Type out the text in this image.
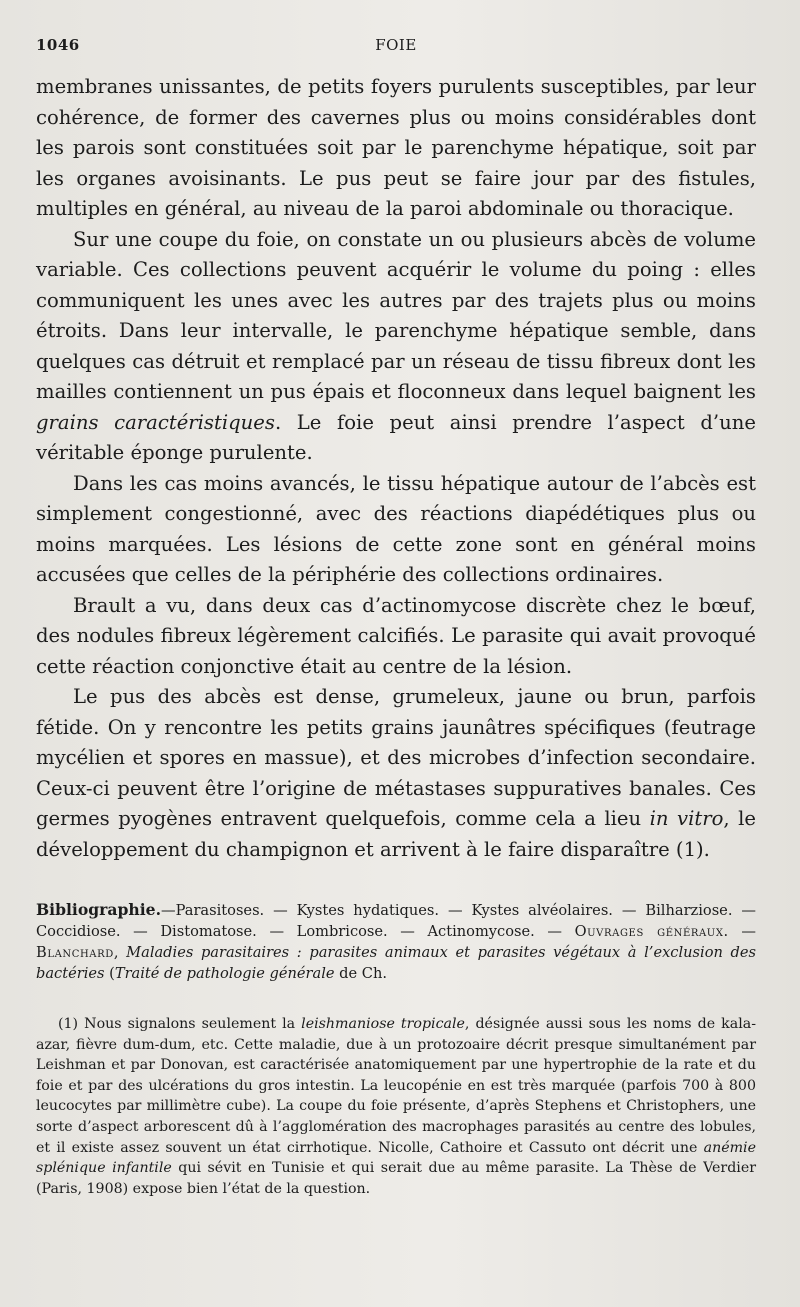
1046	FOIE

membranes unissantes, de petits foyers purulents susceptibles, par leur cohérence, de former des cavernes plus ou moins considérables dont les parois sont constituées soit par le parenchyme hépatique, soit par les organes avoisinants. Le pus peut se faire jour par des fistules, multiples en général, au niveau de la paroi abdominale ou thoracique.

Sur une coupe du foie, on constate un ou plusieurs abcès de volume variable. Ces collections peuvent acquérir le volume du poing : elles communiquent les unes avec les autres par des trajets plus ou moins étroits. Dans leur intervalle, le parenchyme hépatique semble, dans quelques cas détruit et remplacé par un réseau de tissu fibreux dont les mailles contiennent un pus épais et floconneux dans lequel baignent les grains caractéristiques. Le foie peut ainsi prendre l’aspect d’une véritable éponge purulente.

Dans les cas moins avancés, le tissu hépatique autour de l’abcès est simplement congestionné, avec des réactions diapédétiques plus ou moins marquées. Les lésions de cette zone sont en général moins accusées que celles de la périphérie des collections ordinaires.

Brault a vu, dans deux cas d’actinomycose discrète chez le bœuf, des nodules fibreux légèrement calcifiés. Le parasite qui avait provoqué cette réaction conjonctive était au centre de la lésion.

Le pus des abcès est dense, grumeleux, jaune ou brun, parfois fétide. On y rencontre les petits grains jaunâtres spécifiques (feutrage mycélien et spores en massue), et des microbes d’infection secondaire. Ceux-ci peuvent être l’origine de métastases suppuratives banales. Ces germes pyogènes entravent quelquefois, comme cela a lieu in vitro, le développement du champignon et arrivent à le faire disparaître (1).

Bibliographie.—Parasitoses. — Kystes hydatiques. — Kystes alvéolaires. — Bilharziose. — Coccidiose. — Distomatose. — Lombricose. — Actinomycose. — Ouvrages généraux. — Blanchard, Maladies parasitaires : parasites animaux et parasites végétaux à l’exclusion des bactéries (Traité de pathologie générale de Ch.

(1) Nous signalons seulement la leishmaniose tropicale, désignée aussi sous les noms de kala-azar, fièvre dum-dum, etc. Cette maladie, due à un protozoaire décrit presque simultanément par Leishman et par Donovan, est caractérisée anatomiquement par une hypertrophie de la rate et du foie et par des ulcérations du gros intestin. La leucopénie en est très marquée (parfois 700 à 800 leucocytes par millimètre cube). La coupe du foie présente, d’après Stephens et Christophers, une sorte d’aspect arborescent dû à l’agglomération des macrophages parasités au centre des lobules, et il existe assez souvent un état cirrhotique. Nicolle, Cathoire et Cassuto ont décrit une anémie splénique infantile qui sévit en Tunisie et qui serait due au même parasite. La Thèse de Verdier (Paris, 1908) expose bien l’état de la question.
